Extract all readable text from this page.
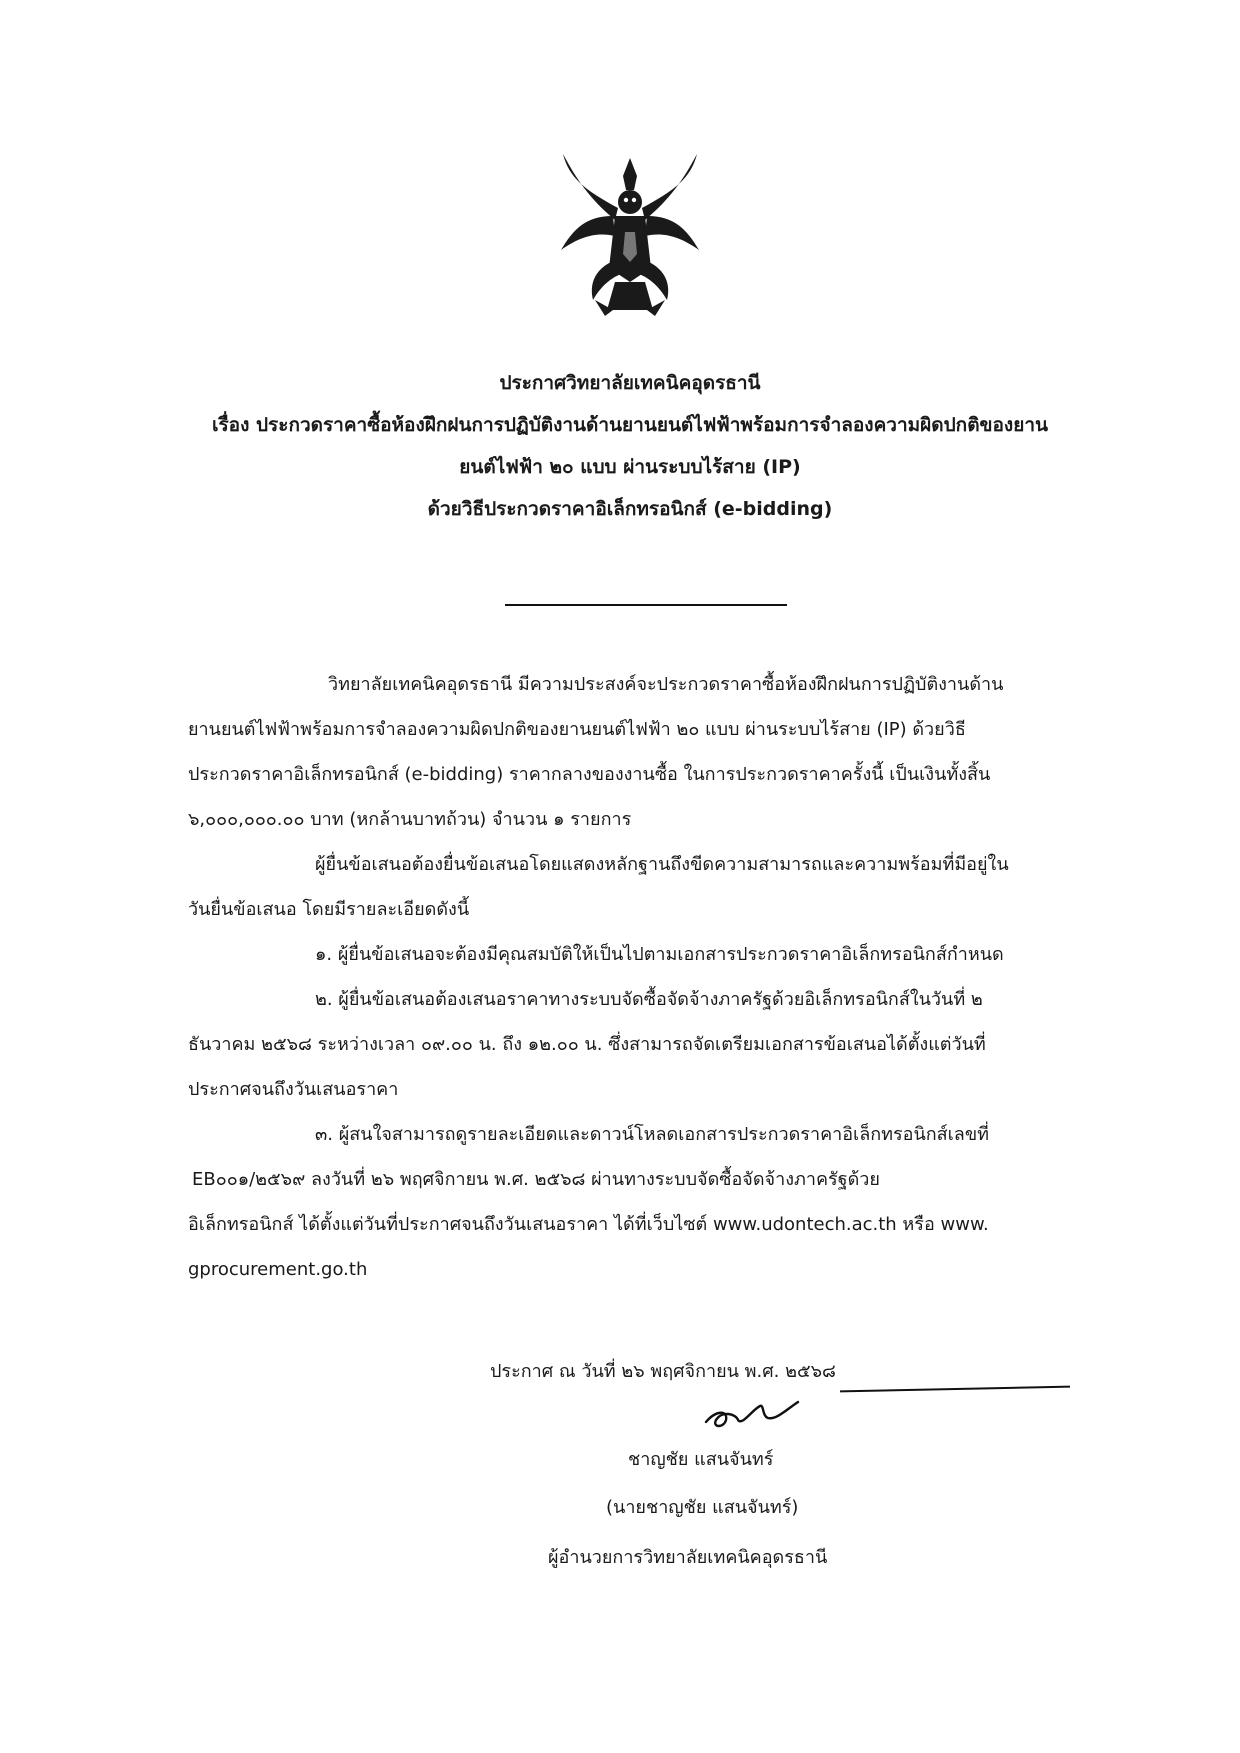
ประกาศวิทยาลัยเทคนิคอุดรธานี
เรื่อง ประกวดราคาซื้อห้องฝึกฝนการปฏิบัติงานด้านยานยนต์ไฟฟ้าพร้อมการจำลองความผิดปกติของยาน
ยนต์ไฟฟ้า ๒๐ แบบ ผ่านระบบไร้สาย (IP)
ด้วยวิธีประกวดราคาอิเล็กทรอนิกส์ (e-bidding)
วิทยาลัยเทคนิคอุดรธานี มีความประสงค์จะประกวดราคาซื้อห้องฝึกฝนการปฏิบัติงานด้าน
ยานยนต์ไฟฟ้าพร้อมการจำลองความผิดปกติของยานยนต์ไฟฟ้า ๒๐ แบบ ผ่านระบบไร้สาย (IP) ด้วยวิธี
ประกวดราคาอิเล็กทรอนิกส์ (e-bidding) ราคากลางของงานซื้อ ในการประกวดราคาครั้งนี้ เป็นเงินทั้งสิ้น
๖,๐๐๐,๐๐๐.๐๐ บาท (หกล้านบาทถ้วน) จำนวน ๑ รายการ
ผู้ยื่นข้อเสนอต้องยื่นข้อเสนอโดยแสดงหลักฐานถึงขีดความสามารถและความพร้อมที่มีอยู่ใน
วันยื่นข้อเสนอ โดยมีรายละเอียดดังนี้
๑. ผู้ยื่นข้อเสนอจะต้องมีคุณสมบัติให้เป็นไปตามเอกสารประกวดราคาอิเล็กทรอนิกส์กำหนด
๒. ผู้ยื่นข้อเสนอต้องเสนอราคาทางระบบจัดซื้อจัดจ้างภาครัฐด้วยอิเล็กทรอนิกส์ในวันที่ ๒
ธันวาคม ๒๕๖๘ ระหว่างเวลา ๐๙.๐๐ น. ถึง ๑๒.๐๐ น. ซึ่งสามารถจัดเตรียมเอกสารข้อเสนอได้ตั้งแต่วันที่
ประกาศจนถึงวันเสนอราคา
๓. ผู้สนใจสามารถดูรายละเอียดและดาวน์โหลดเอกสารประกวดราคาอิเล็กทรอนิกส์เลขที่
EB๐๐๑/๒๕๖๙ ลงวันที่ ๒๖ พฤศจิกายน พ.ศ. ๒๕๖๘ ผ่านทางระบบจัดซื้อจัดจ้างภาครัฐด้วย
อิเล็กทรอนิกส์ ได้ตั้งแต่วันที่ประกาศจนถึงวันเสนอราคา ได้ที่เว็บไซต์ www.udontech.ac.th หรือ www.
gprocurement.go.th
ประกาศ ณ วันที่ ๒๖ พฤศจิกายน พ.ศ. ๒๕๖๘
ชาญชัย แสนจันทร์
(นายชาญชัย แสนจันทร์)
ผู้อำนวยการวิทยาลัยเทคนิคอุดรธานี
